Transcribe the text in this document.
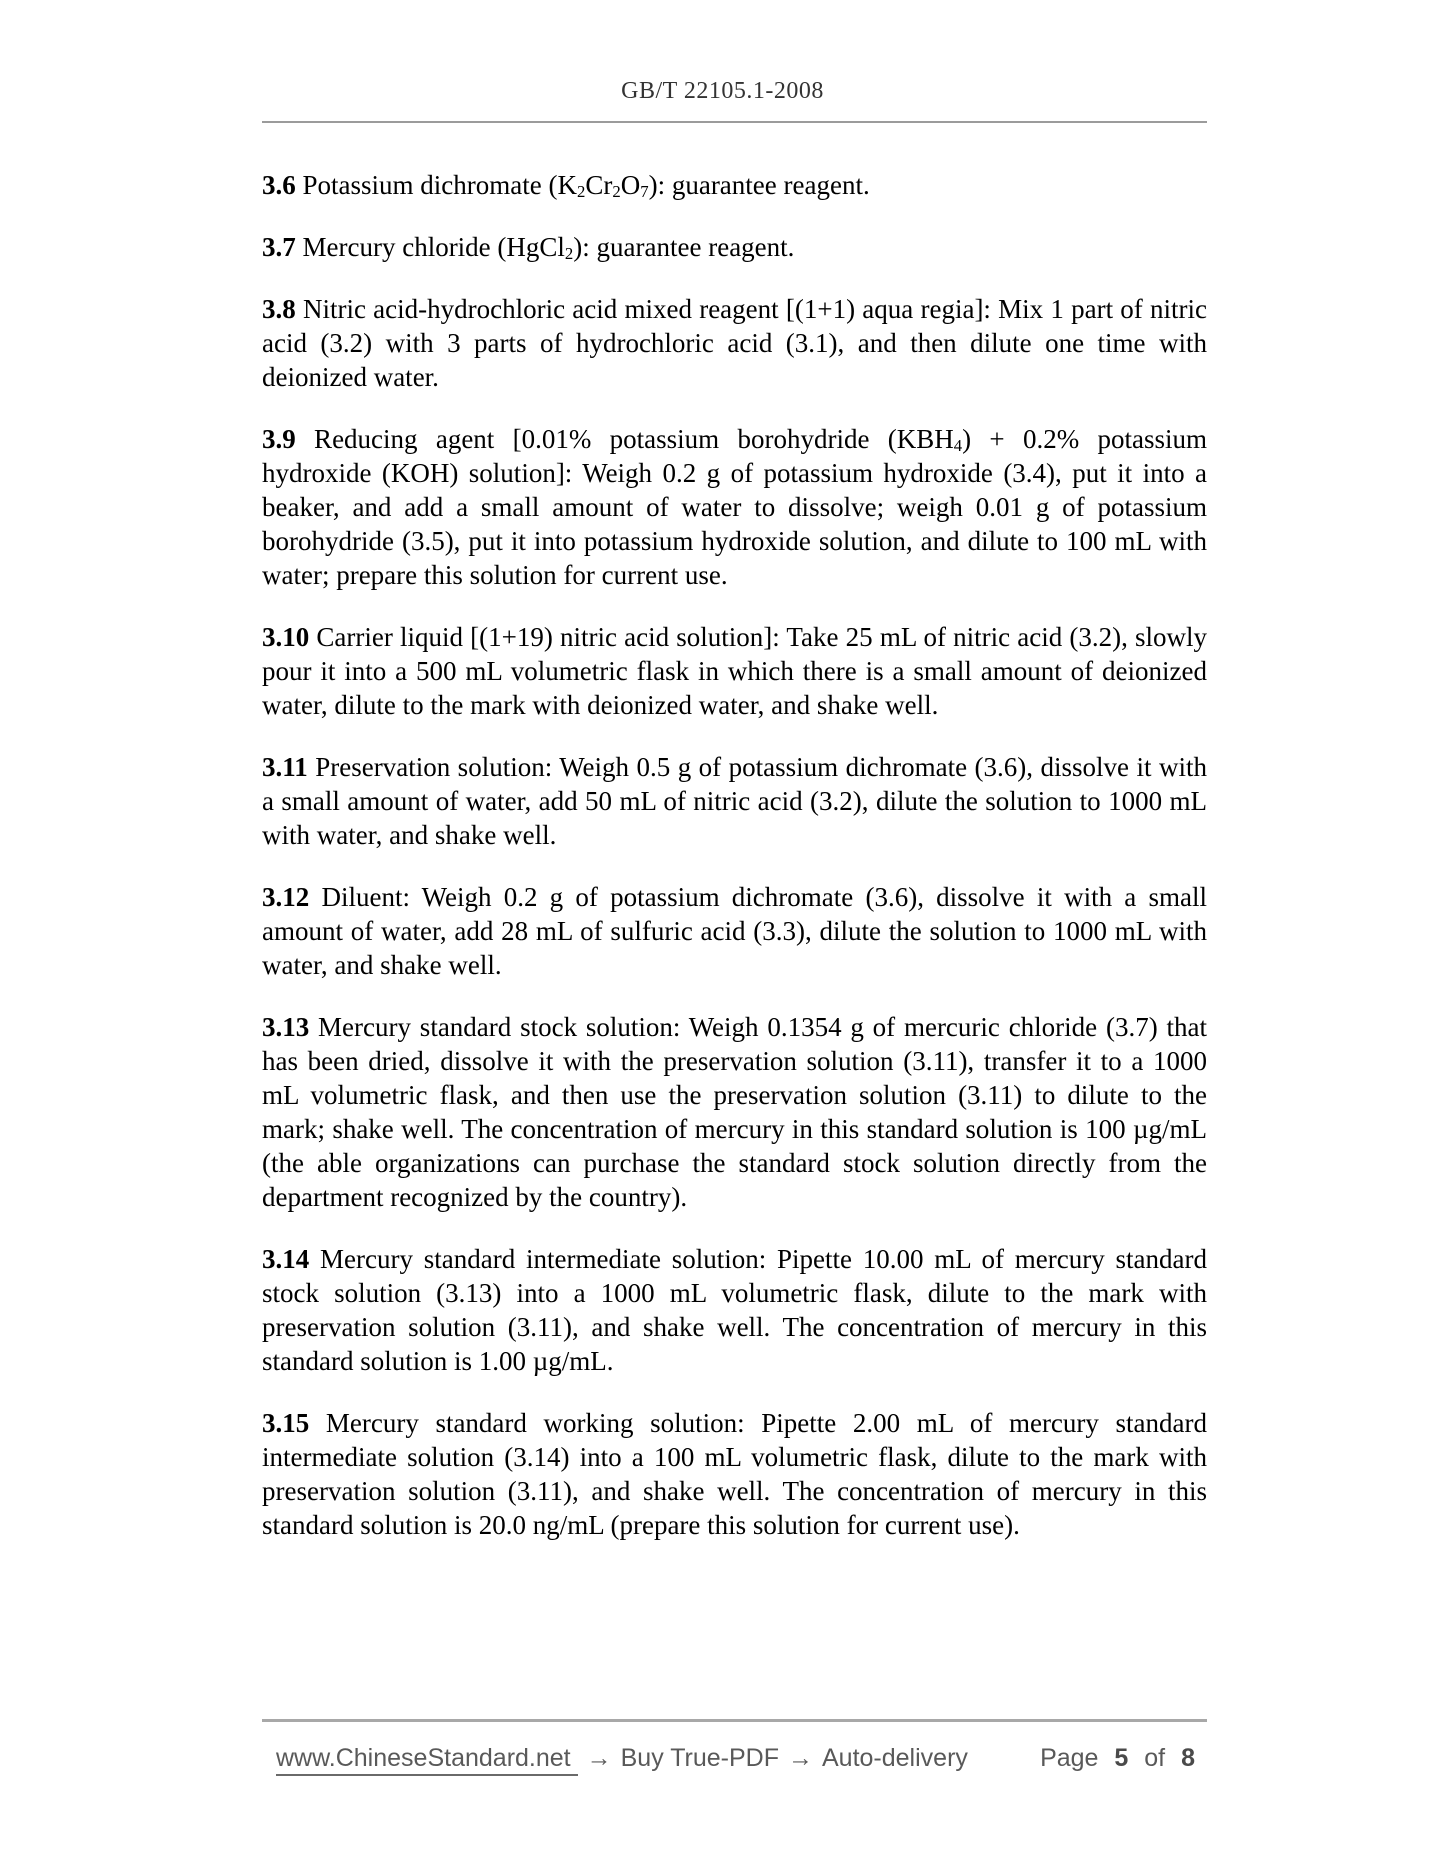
GB/T 22105.1-2008

3.6 Potassium dichromate $(K_2Cr_2O_7)$: guarantee reagent.

3.7 Mercury chloride (HgCl$_2$): guarantee reagent.

3.8 Nitric acid-hydrochloric acid mixed reagent [(1+1) aqua regia]: Mix 1 part of nitric acid (3.2) with 3 parts of hydrochloric acid (3.1), and then dilute one time with deionized water.

3.9 Reducing agent [0.01% potassium borohydride $(KBH_4) + 0.2\%$ potassium hydroxide (KOH) solution]: Weigh 0.2 g of potassium hydroxide (3.4), put it into a beaker, and add a small amount of water to dissolve; weigh 0.01 g of potassium borohydride (3.5), put it into potassium hydroxide solution, and dilute to 100 mL with water; prepare this solution for current use.

3.10 Carrier liquid [(1+19) nitric acid solution]: Take 25 mL of nitric acid (3.2), slowly pour it into a 500 mL volumetric flask in which there is a small amount of deionized water, dilute to the mark with deionized water, and shake well.

3.11 Preservation solution: Weigh 0.5 g of potassium dichromate (3.6), dissolve it with a small amount of water, add 50 mL of nitric acid (3.2), dilute the solution to 1000 mL with water, and shake well.

3.12 Diluent: Weigh 0.2 g of potassium dichromate (3.6), dissolve it with a small amount of water, add 28 mL of sulfuric acid (3.3), dilute the solution to 1000 mL with water, and shake well.

3.13 Mercury standard stock solution: Weigh 0.1354 g of mercuric chloride (3.7) that has been dried, dissolve it with the preservation solution (3.11), transfer it to a 1000 mL volumetric flask, and then use the preservation solution (3.11) to dilute to the mark; shake well. The concentration of mercury in this standard solution is 100 µg/mL (the able organizations can purchase the standard stock solution directly from the department recognized by the country).

3.14 Mercury standard intermediate solution: Pipette 10.00 mL of mercury standard stock solution (3.13) into a 1000 mL volumetric flask, dilute to the mark with preservation solution (3.11), and shake well. The concentration of mercury in this standard solution is 1.00 µg/mL.

3.15 Mercury standard working solution: Pipette 2.00 mL of mercury standard intermediate solution (3.14) into a 100 mL volumetric flask, dilute to the mark with preservation solution (3.11), and shake well. The concentration of mercury in this standard solution is 20.0 ng/mL (prepare this solution for current use).

www.ChineseStandard.net → Buy True-PDF → Auto-delivery	Page 5 of 8
